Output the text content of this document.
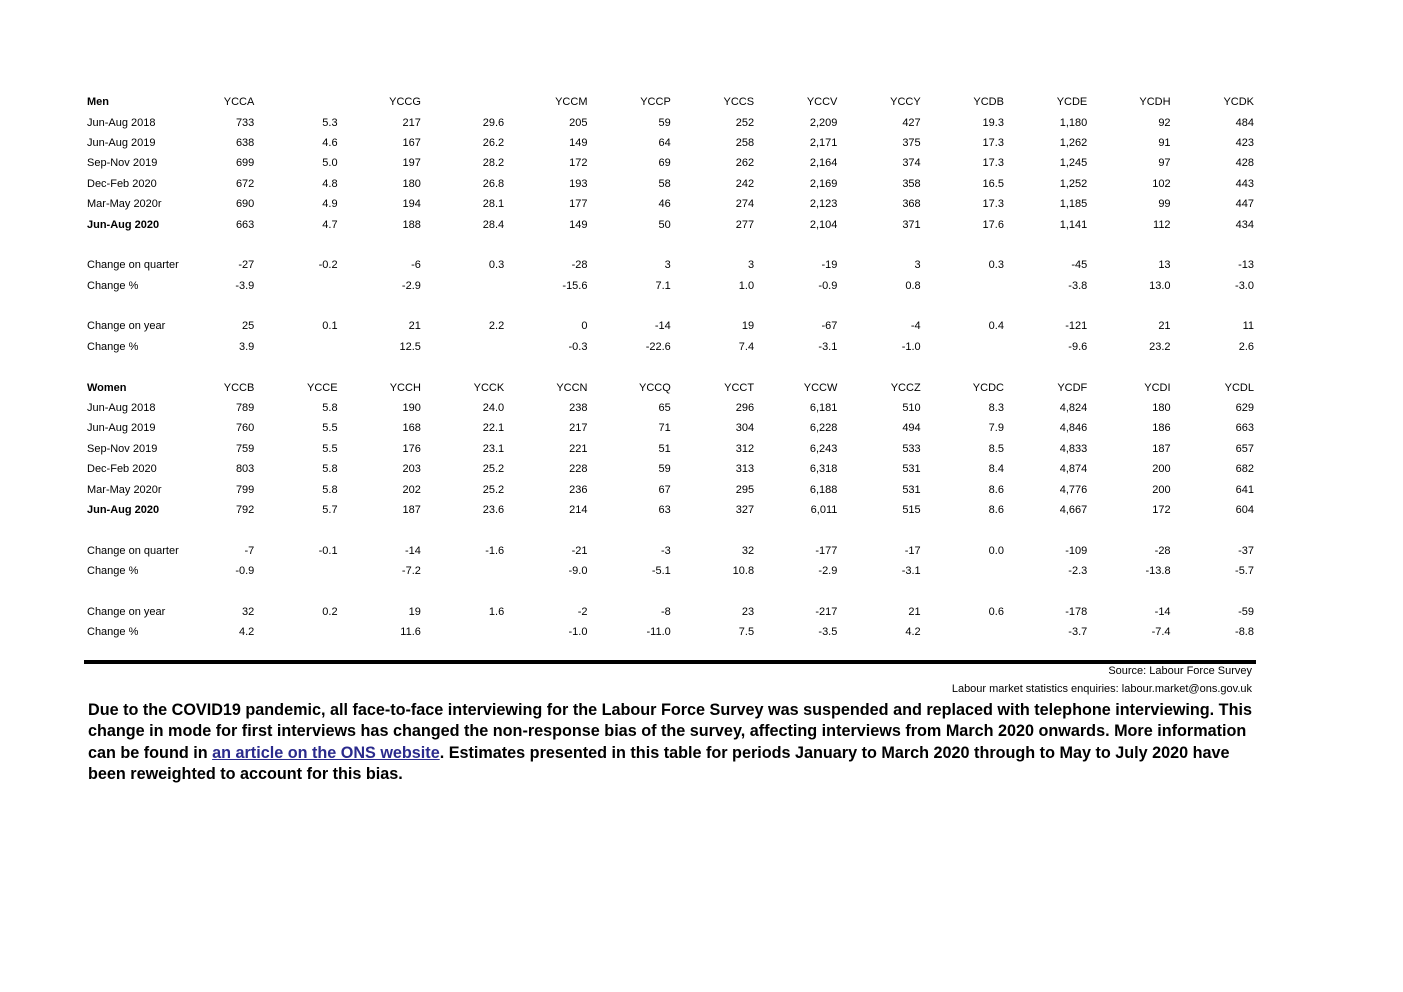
Men	YCCA		YCCG		YCCM	YCCP	YCCS	YCCV	YCCY	YCDB	YCDE	YCDH	YCDK
Jun-Aug 2018	733	5.3	217	29.6	205	59	252	2,209	427	19.3	1,180	92	484
Jun-Aug 2019	638	4.6	167	26.2	149	64	258	2,171	375	17.3	1,262	91	423
Sep-Nov 2019	699	5.0	197	28.2	172	69	262	2,164	374	17.3	1,245	97	428
Dec-Feb 2020	672	4.8	180	26.8	193	58	242	2,169	358	16.5	1,252	102	443
Mar-May 2020r	690	4.9	194	28.1	177	46	274	2,123	368	17.3	1,185	99	447
Jun-Aug 2020	663	4.7	188	28.4	149	50	277	2,104	371	17.6	1,141	112	434

Change on quarter	-27	-0.2	-6	0.3	-28	3	3	-19	3	0.3	-45	13	-13
Change %	-3.9		-2.9		-15.6	7.1	1.0	-0.9	0.8		-3.8	13.0	-3.0

Change on year	25	0.1	21	2.2	0	-14	19	-67	-4	0.4	-121	21	11
Change %	3.9		12.5		-0.3	-22.6	7.4	-3.1	-1.0		-9.6	23.2	2.6

Women	YCCB	YCCE	YCCH	YCCK	YCCN	YCCQ	YCCT	YCCW	YCCZ	YCDC	YCDF	YCDI	YCDL
Jun-Aug 2018	789	5.8	190	24.0	238	65	296	6,181	510	8.3	4,824	180	629
Jun-Aug 2019	760	5.5	168	22.1	217	71	304	6,228	494	7.9	4,846	186	663
Sep-Nov 2019	759	5.5	176	23.1	221	51	312	6,243	533	8.5	4,833	187	657
Dec-Feb 2020	803	5.8	203	25.2	228	59	313	6,318	531	8.4	4,874	200	682
Mar-May 2020r	799	5.8	202	25.2	236	67	295	6,188	531	8.6	4,776	200	641
Jun-Aug 2020	792	5.7	187	23.6	214	63	327	6,011	515	8.6	4,667	172	604

Change on quarter	-7	-0.1	-14	-1.6	-21	-3	32	-177	-17	0.0	-109	-28	-37
Change %	-0.9		-7.2		-9.0	-5.1	10.8	-2.9	-3.1		-2.3	-13.8	-5.7

Change on year	32	0.2	19	1.6	-2	-8	23	-217	21	0.6	-178	-14	-59
Change %	4.2		11.6		-1.0	-11.0	7.5	-3.5	4.2		-3.7	-7.4	-8.8
Source: Labour Force Survey
Labour market statistics enquiries: labour.market@ons.gov.uk
Due to the COVID19 pandemic, all face-to-face interviewing for the Labour Force Survey was suspended and replaced with telephone interviewing. This change in mode for first interviews has changed the non-response bias of the survey, affecting interviews from March 2020 onwards. More information can be found in an article on the ONS website. Estimates presented in this table for periods January to March 2020 through to May to July 2020 have been reweighted to account for this bias.
